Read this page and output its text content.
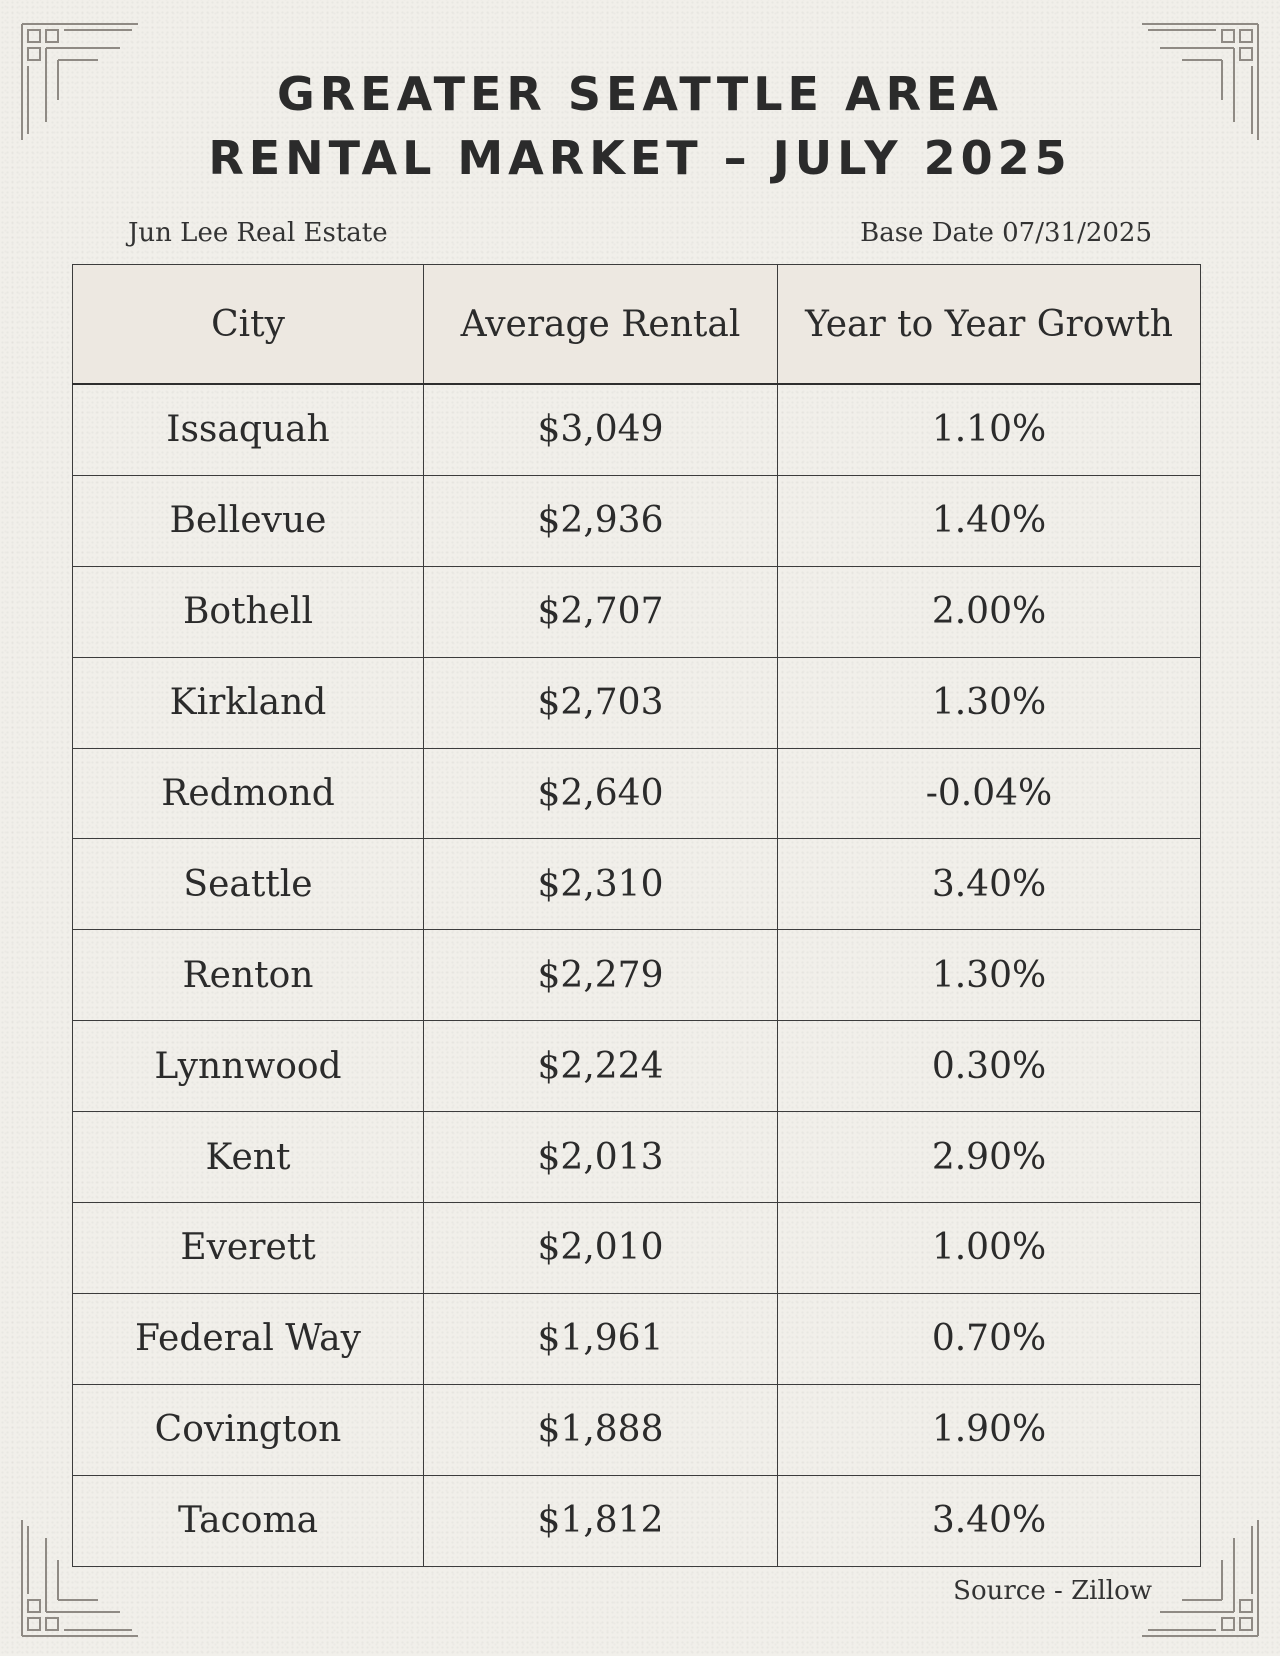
GREATER SEATTLE AREA
RENTAL MARKET – JULY 2025
Jun Lee Real Estate	Base Date 07/31/2025
City	Average Rental	Year to Year Growth
Issaquah	$3,049	1.10%
Bellevue	$2,936	1.40%
Bothell	$2,707	2.00%
Kirkland	$2,703	1.30%
Redmond	$2,640	-0.04%
Seattle	$2,310	3.40%
Renton	$2,279	1.30%
Lynnwood	$2,224	0.30%
Kent	$2,013	2.90%
Everett	$2,010	1.00%
Federal Way	$1,961	0.70%
Covington	$1,888	1.90%
Tacoma	$1,812	3.40%
Source - Zillow
